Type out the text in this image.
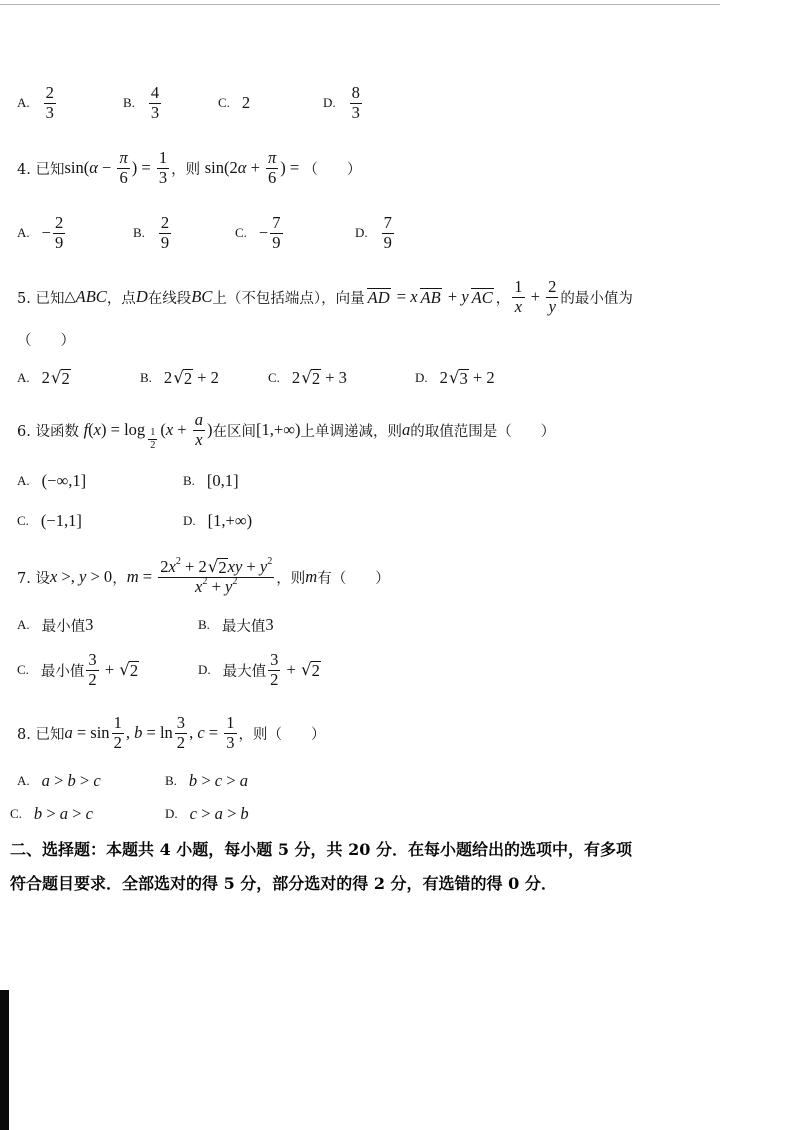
A. $\frac{2}{3}$	B. $\frac{4}{3}$	C. 2	D. $\frac{8}{3}$
4. 已知 sin( $\alpha - \frac{\pi}{6}$ ) = $\frac{1}{3}$ ，则 sin(2 $\alpha + \frac{\pi}{6}$ ) = （　　）
A. − $\frac{2}{9}$	B. $\frac{2}{9}$	C. − $\frac{7}{9}$	D. $\frac{7}{9}$
5. 已知 △ ABC ，点 D 在线段 BC 上（不包括端点），向量 AD = x AB + y AC ， $\frac{1}{x} + \frac{2}{y}$ 的最小值为
（　　）
A. 2
√ 2	B. 2
√ 2 + 2	C. 2
√ 2 + 3	D. 2
√ 3 + 2
6. 设函数 f ( x ) = $\log \frac{1}{2}$ ( $x + \frac{a}{x}$ ) 在区间 [1,+∞) 上单调递减，则 a 的取值范围是（　　）
A. (−∞,1]	B. [0,1]
C. (−1,1]	D. [1,+∞)
7. 设 x >, y > 0 ， m = 2 x 2 + 2
√ 2 xy + y 2
x 2 + y 2 ，则 m 有（　　）
A. 最小值 3	B. 最大值 3
C. 最小值 $\frac{3}{2}$ +
√ 2	D. 最大值 $\frac{3}{2}$ +
√ 2
8. 已知 $a = \sin \frac{1}{2}$ , $b = \ln \frac{3}{2}$ , $c = \frac{1}{3}$ ，则（　　）
A. a > b > c	B. b > c > a
C. b > a > c	D. c > a > b
二、选择题：本题共 4 小题，每小题 5 分，共 20 分．在每小题给出的选项中，有多项
符合题目要求．全部选对的得 5 分，部分选对的得 2 分，有选错的得 0 分．
